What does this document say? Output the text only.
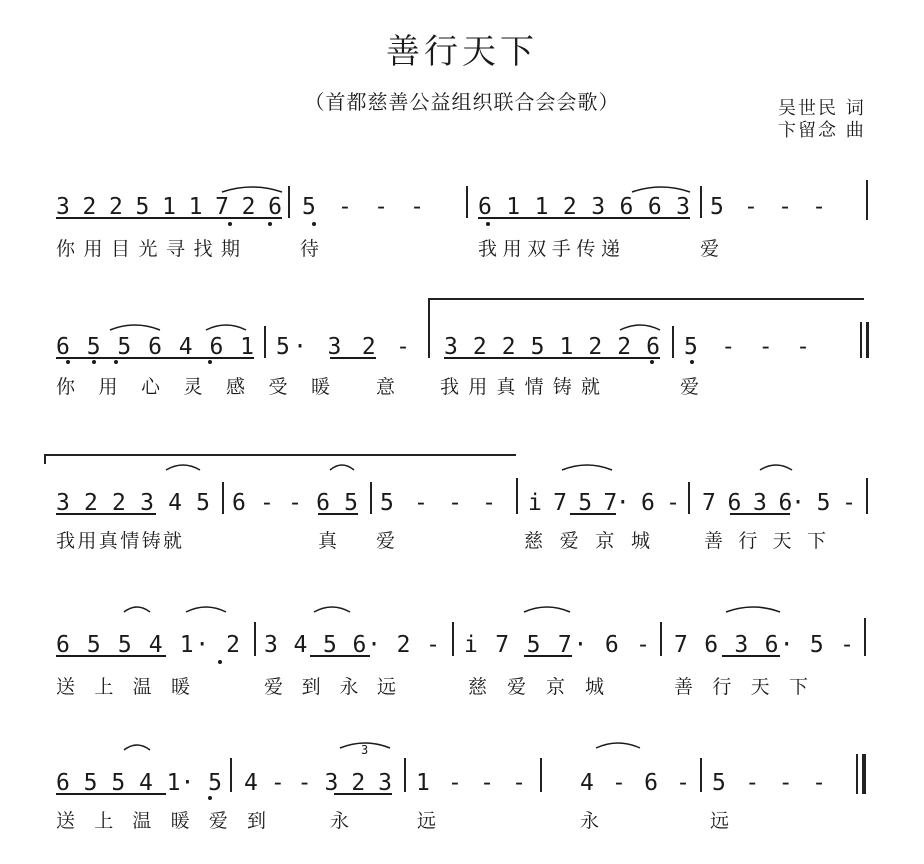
善行天下
（首都慈善公益组织联合会会歌）	吴世民 词
卞留念 曲
3 2 2 5 1 1 7 2 6 5 - - - 6 1 1 2 3 6 6 3 5 - - -
6 5 5 6 4 6 1 5· 3 2 - 3 2 2 5 1 2 2 6 5 - - -
3 2 2 3 4 5 6 - - 6 5 5 - - - i 7 5 7· 6 - 7 6 3 6· 5 -
6 5 5 4 1· 2 3 4 5 6· 2 - i 7 5 7· 6 - 7 6 3 6· 5 -
6 5 5 4 1· 5 4 - - 3 2 3 1 - - - 4 - 6 - 5 - - -
3
你用目光寻找期	待	我用双手传递	爱
你用心灵感受暖 意 我用真情铸就	爱
我用真情铸就	真 爱	慈爱京城 善行天下
送上温暖	爱到永远	慈爱京城	善行天下
送上温暖爱到 永远	永	远
